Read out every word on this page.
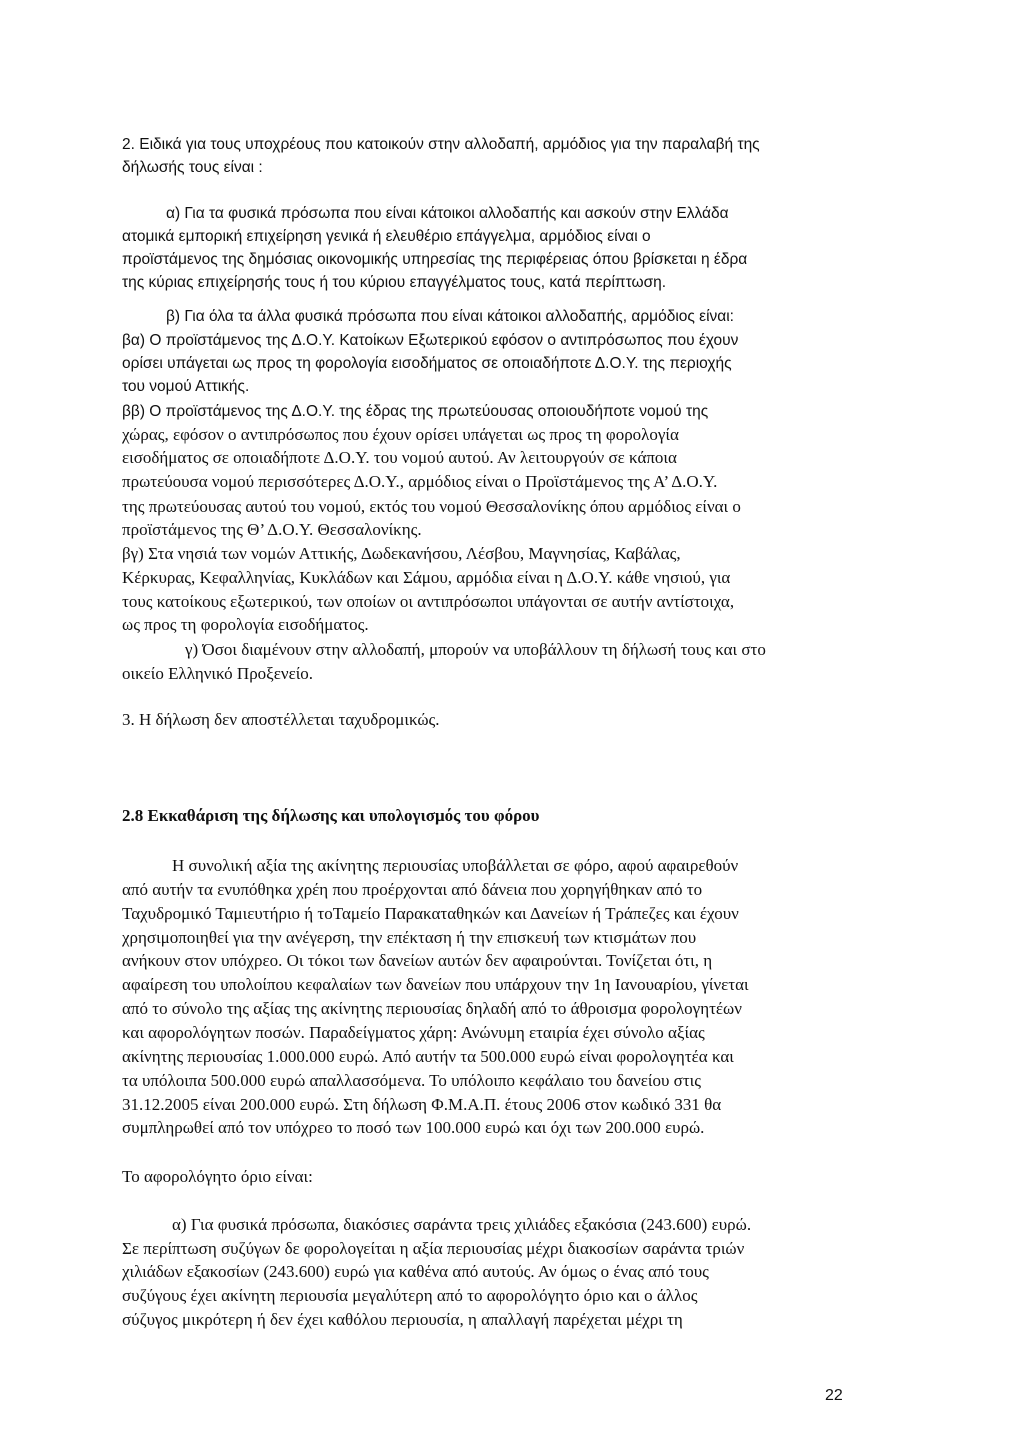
2. Ειδικά για τους υποχρέους που κατοικούν στην αλλοδαπή, αρμόδιος για την παραλαβή της

δήλωσής τους είναι :

α) Για τα φυσικά πρόσωπα που είναι κάτοικοι αλλοδαπής και ασκούν στην Ελλάδα

ατομικά εμπορική επιχείρηση γενικά ή ελευθέριο επάγγελμα, αρμόδιος είναι ο

προϊστάμενος της δημόσιας οικονομικής υπηρεσίας της περιφέρειας όπου βρίσκεται η έδρα

της κύριας επιχείρησής τους ή του κύριου επαγγέλματος τους, κατά περίπτωση.

β) Για όλα τα άλλα φυσικά πρόσωπα που είναι κάτοικοι αλλοδαπής, αρμόδιος είναι:

βα) Ο προϊστάμενος της Δ.Ο.Υ. Κατοίκων Εξωτερικού εφόσον ο αντιπρόσωπος που έχουν

ορίσει υπάγεται ως προς τη φορολογία εισοδήματος σε οποιαδήποτε Δ.Ο.Υ. της περιοχής

του νομού Αττικής.

ββ) Ο προϊστάμενος της Δ.Ο.Υ. της έδρας της πρωτεύουσας οποιουδήποτε νομού της

χώρας, εφόσον ο αντιπρόσωπος που έχουν ορίσει υπάγεται ως προς τη φορολογία

εισοδήματος σε οποιαδήποτε Δ.Ο.Υ. του νομού αυτού. Αν λειτουργούν σε κάποια

πρωτεύουσα νομού περισσότερες Δ.Ο.Υ., αρμόδιος είναι ο Προϊστάμενος της Α’ Δ.Ο.Υ.

της πρωτεύουσας αυτού του νομού, εκτός του νομού Θεσσαλονίκης όπου αρμόδιος είναι ο

προϊστάμενος της Θ’ Δ.Ο.Υ. Θεσσαλονίκης.

βγ) Στα νησιά των νομών Αττικής, Δωδεκανήσου, Λέσβου, Μαγνησίας, Καβάλας,

Κέρκυρας, Κεφαλληνίας, Κυκλάδων και Σάμου, αρμόδια είναι η Δ.Ο.Υ. κάθε νησιού, για

τους κατοίκους εξωτερικού, των οποίων οι αντιπρόσωποι υπάγονται σε αυτήν αντίστοιχα,

ως προς τη φορολογία εισοδήματος.

γ) Όσοι διαμένουν στην αλλοδαπή, μπορούν να υποβάλλουν τη δήλωσή τους και στο

οικείο Ελληνικό Προξενείο.

3. Η δήλωση δεν αποστέλλεται ταχυδρομικώς.

2.8 Εκκαθάριση της δήλωσης και υπολογισμός του φόρου

Η συνολική αξία της ακίνητης περιουσίας υποβάλλεται σε φόρο, αφού αφαιρεθούν

από αυτήν τα ενυπόθηκα χρέη που προέρχονται από δάνεια που χορηγήθηκαν από το

Ταχυδρομικό Ταμιευτήριο ή τοΤαμείο Παρακαταθηκών και Δανείων ή Τράπεζες και έχουν

χρησιμοποιηθεί για την ανέγερση, την επέκταση ή την επισκευή των κτισμάτων που

ανήκουν στον υπόχρεο. Οι τόκοι των δανείων αυτών δεν αφαιρούνται. Τονίζεται ότι, η

αφαίρεση του υπολοίπου κεφαλαίων των δανείων που υπάρχουν την 1η Ιανουαρίου, γίνεται

από το σύνολο της αξίας της ακίνητης περιουσίας δηλαδή από το άθροισμα φορολογητέων

και αφορολόγητων ποσών. Παραδείγματος χάρη: Ανώνυμη εταιρία έχει σύνολο αξίας

ακίνητης περιουσίας 1.000.000 ευρώ. Από αυτήν τα 500.000 ευρώ είναι φορολογητέα και

τα υπόλοιπα 500.000 ευρώ απαλλασσόμενα. Το υπόλοιπο κεφάλαιο του δανείου στις

31.12.2005 είναι 200.000 ευρώ. Στη δήλωση Φ.Μ.Α.Π. έτους 2006 στον κωδικό 331 θα

συμπληρωθεί από τον υπόχρεο το ποσό των 100.000 ευρώ και όχι των 200.000 ευρώ.

Το αφορολόγητο όριο είναι:

α) Για φυσικά πρόσωπα, διακόσιες σαράντα τρεις χιλιάδες εξακόσια (243.600) ευρώ.

Σε περίπτωση συζύγων δε φορολογείται η αξία περιουσίας μέχρι διακοσίων σαράντα τριών

χιλιάδων εξακοσίων (243.600) ευρώ για καθένα από αυτούς. Αν όμως ο ένας από τους

συζύγους έχει ακίνητη περιουσία μεγαλύτερη από το αφορολόγητο όριο και ο άλλος

σύζυγος μικρότερη ή δεν έχει καθόλου περιουσία, η απαλλαγή παρέχεται μέχρι τη

22
